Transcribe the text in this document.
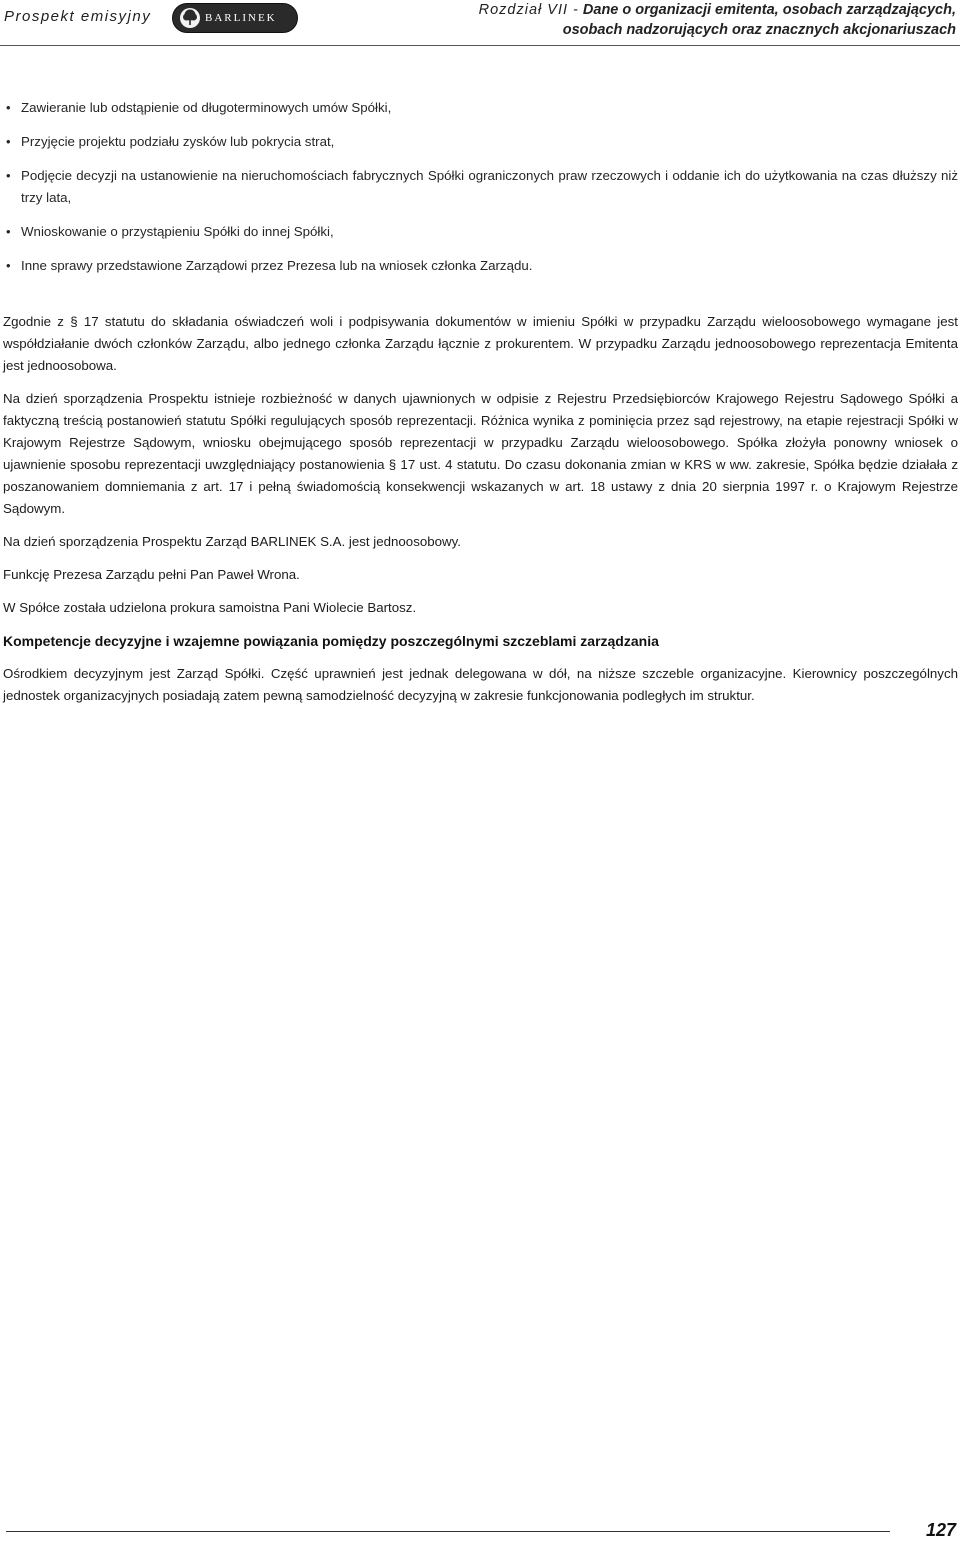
Prospekt emisyjny	BARLINEK	Rozdział VII - Dane o organizacji emitenta, osobach zarządzających,
osobach nadzorujących oraz znacznych akcjonariuszach
• Zawieranie lub odstąpienie od długoterminowych umów Spółki,
• Przyjęcie projektu podziału zysków lub pokrycia strat,
• Podjęcie decyzji na ustanowienie na nieruchomościach fabrycznych Spółki ograniczonych praw rzeczowych i oddanie ich do użytkowania na czas dłuższy niż trzy lata,
• Wnioskowanie o przystąpieniu Spółki do innej Spółki,
• Inne sprawy przedstawione Zarządowi przez Prezesa lub na wniosek członka Zarządu.

Zgodnie z § 17 statutu do składania oświadczeń woli i podpisywania dokumentów w imieniu Spółki w przypadku Zarządu wieloosobowego wymagane jest współdziałanie dwóch członków Zarządu, albo jednego członka Zarządu łącznie z prokurentem. W przypadku Zarządu jednoosobowego reprezentacja Emitenta jest jednoosobowa.

Na dzień sporządzenia Prospektu istnieje rozbieżność w danych ujawnionych w odpisie z Rejestru Przedsiębiorców Krajowego Rejestru Sądowego Spółki a faktyczną treścią postanowień statutu Spółki regulujących sposób reprezentacji. Różnica wynika z pominięcia przez sąd rejestrowy, na etapie rejestracji Spółki w Krajowym Rejestrze Sądowym, wniosku obejmującego sposób reprezentacji w przypadku Zarządu wieloosobowego. Spółka złożyła ponowny wniosek o ujawnienie sposobu reprezentacji uwzględniający postanowienia § 17 ust. 4 statutu. Do czasu dokonania zmian w KRS w ww. zakresie, Spółka będzie działała z poszanowaniem domniemania z art. 17 i pełną świadomością konsekwencji wskazanych w art. 18 ustawy z dnia 20 sierpnia 1997 r. o Krajowym Rejestrze Sądowym.

Na dzień sporządzenia Prospektu Zarząd BARLINEK S.A. jest jednoosobowy.

Funkcję Prezesa Zarządu pełni Pan Paweł Wrona.

W Spółce została udzielona prokura samoistna Pani Wiolecie Bartosz.

Kompetencje decyzyjne i wzajemne powiązania pomiędzy poszczególnymi szczeblami zarządzania

Ośrodkiem decyzyjnym jest Zarząd Spółki. Część uprawnień jest jednak delegowana w dół, na niższe szczeble organizacyjne. Kierownicy poszczególnych jednostek organizacyjnych posiadają zatem pewną samodzielność decyzyjną w zakresie funkcjonowania podległych im struktur.

127
